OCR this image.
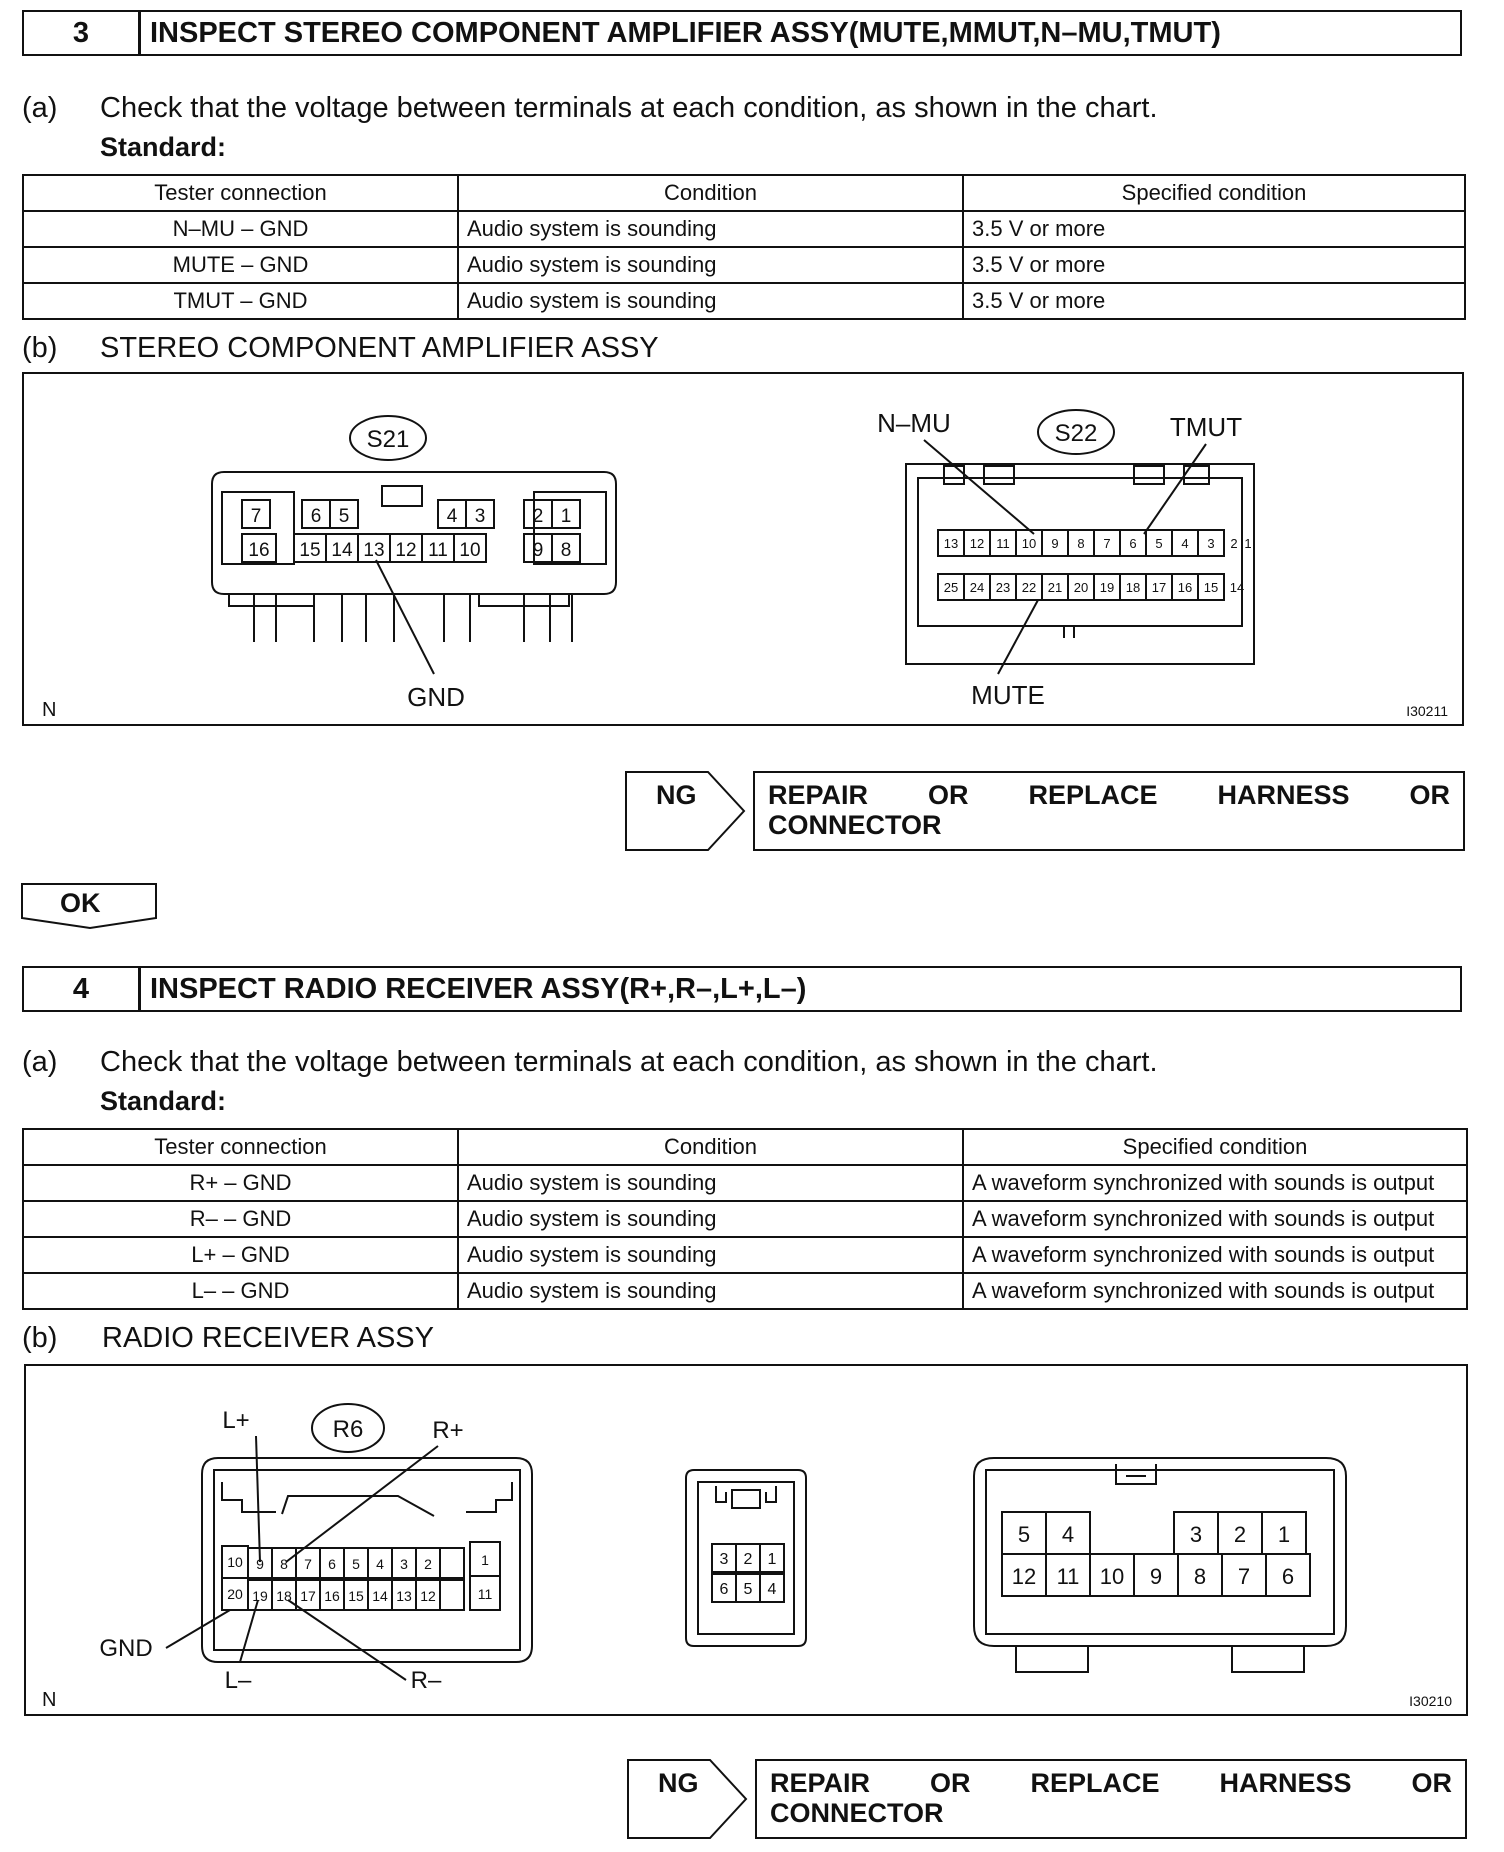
3	INSPECT STEREO COMPONENT AMPLIFIER ASSY(MUTE,MMUT,N–MU,TMUT)
(a) Check that the voltage between terminals at each condition, as shown in the chart.
Standard:
Tester connection	Condition	Specified condition
N–MU – GND	Audio system is sounding	3.5 V or more
MUTE – GND	Audio system is sounding	3.5 V or more
TMUT – GND	Audio system is sounding	3.5 V or more
(b) STEREO COMPONENT AMPLIFIER ASSY
S21
7	6 5	4 3 2 1
16 15 14 13 12 11 10	9 8
GND
S22
N–MU	TMUT
13 12 11 10 9 8 7 6 5 4 3 2 1
25 24 23 22 21 20 19 18 17 16 15 14
MUTE
N	I30211
NG	REPAIR OR REPLACE HARNESS OR
CONNECTOR
OK
4	INSPECT RADIO RECEIVER ASSY(R+,R–,L+,L–)
(a) Check that the voltage between terminals at each condition, as shown in the chart.
Standard:
Tester connection	Condition	Specified condition
R+ – GND	Audio system is sounding	A waveform synchronized with sounds is output
R– – GND	Audio system is sounding	A waveform synchronized with sounds is output
L+ – GND	Audio system is sounding	A waveform synchronized with sounds is output
L– – GND	Audio system is sounding	A waveform synchronized with sounds is output
(b) RADIO RECEIVER ASSY
R6
L+	R+
10 9 8 7 6 5 4 3 2	1
20 19 18 17 16 15 14 13 12	11
GND
L–	R–
3 2 1
6 5 4
5 4	3 2 1
12 11 10 9 8 7 6
N	I30210
NG	REPAIR OR REPLACE HARNESS OR
CONNECTOR
